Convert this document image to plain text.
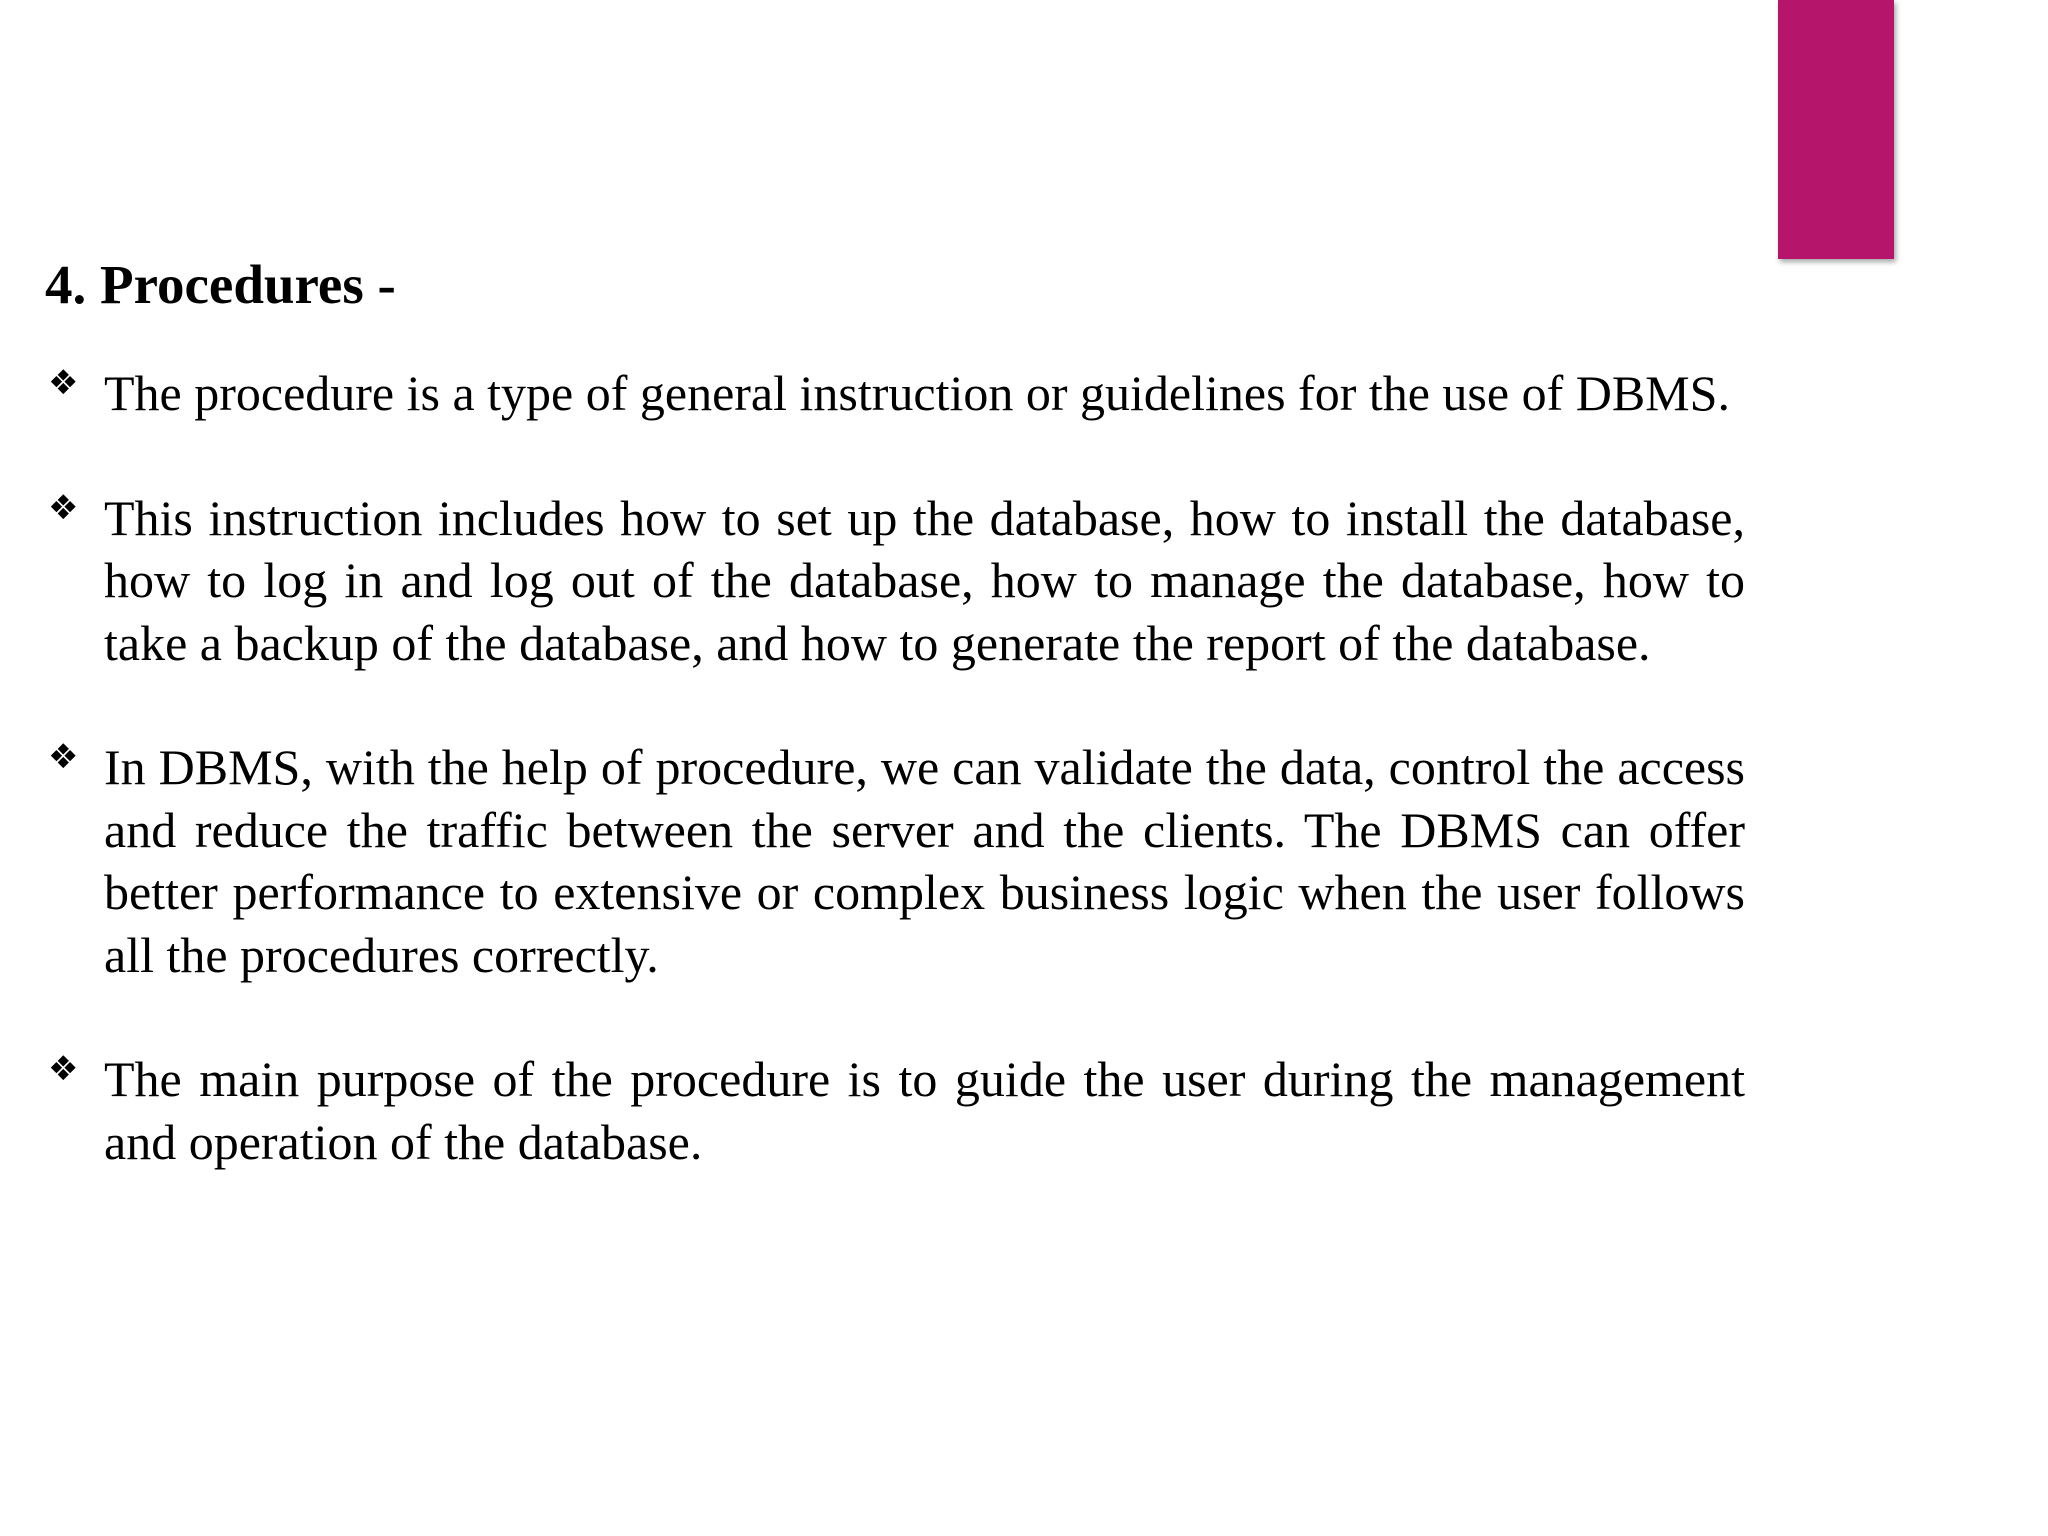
4. Procedures -
❖ The procedure is a type of general instruction or guidelines for the use of DBMS.
❖ This instruction includes how to set up the database, how to install the database, how to log in and log out of the database, how to manage the database, how to take a backup of the database, and how to generate the report of the database.
❖ In DBMS, with the help of procedure, we can validate the data, control the access and reduce the traffic between the server and the clients. The DBMS can offer better performance to extensive or complex business logic when the user follows all the procedures correctly.
❖ The main purpose of the procedure is to guide the user during the management and operation of the database.
